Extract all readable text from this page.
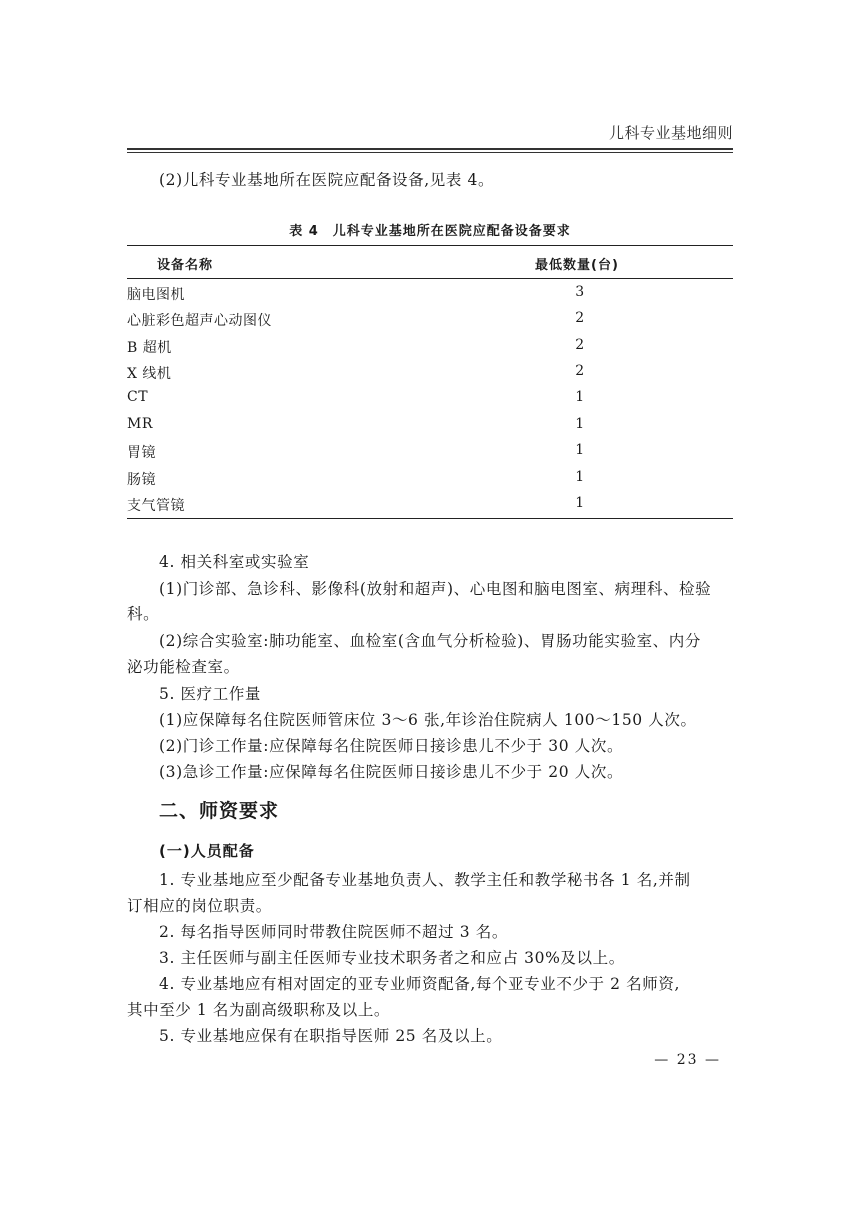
儿科专业基地细则
(2)儿科专业基地所在医院应配备设备,见表 4。
表 4　儿科专业基地所在医院应配备设备要求
设备名称	最低数量(台)
脑电图机	3
心脏彩色超声心动图仪	2
B 超机	2
X 线机	2
CT	1
MR	1
胃镜	1
肠镜	1
支气管镜	1
4. 相关科室或实验室
(1)门诊部、急诊科、影像科(放射和超声)、心电图和脑电图室、病理科、检验
科。
(2)综合实验室:肺功能室、血检室(含血气分析检验)、胃肠功能实验室、内分
泌功能检查室。
5. 医疗工作量
(1)应保障每名住院医师管床位 3～6 张,年诊治住院病人 100～150 人次。
(2)门诊工作量:应保障每名住院医师日接诊患儿不少于 30 人次。
(3)急诊工作量:应保障每名住院医师日接诊患儿不少于 20 人次。
二、师资要求
(一)人员配备
1. 专业基地应至少配备专业基地负责人、教学主任和教学秘书各 1 名,并制
订相应的岗位职责。
2. 每名指导医师同时带教住院医师不超过 3 名。
3. 主任医师与副主任医师专业技术职务者之和应占 30%及以上。
4. 专业基地应有相对固定的亚专业师资配备,每个亚专业不少于 2 名师资,
其中至少 1 名为副高级职称及以上。
5. 专业基地应保有在职指导医师 25 名及以上。
— 23 —
